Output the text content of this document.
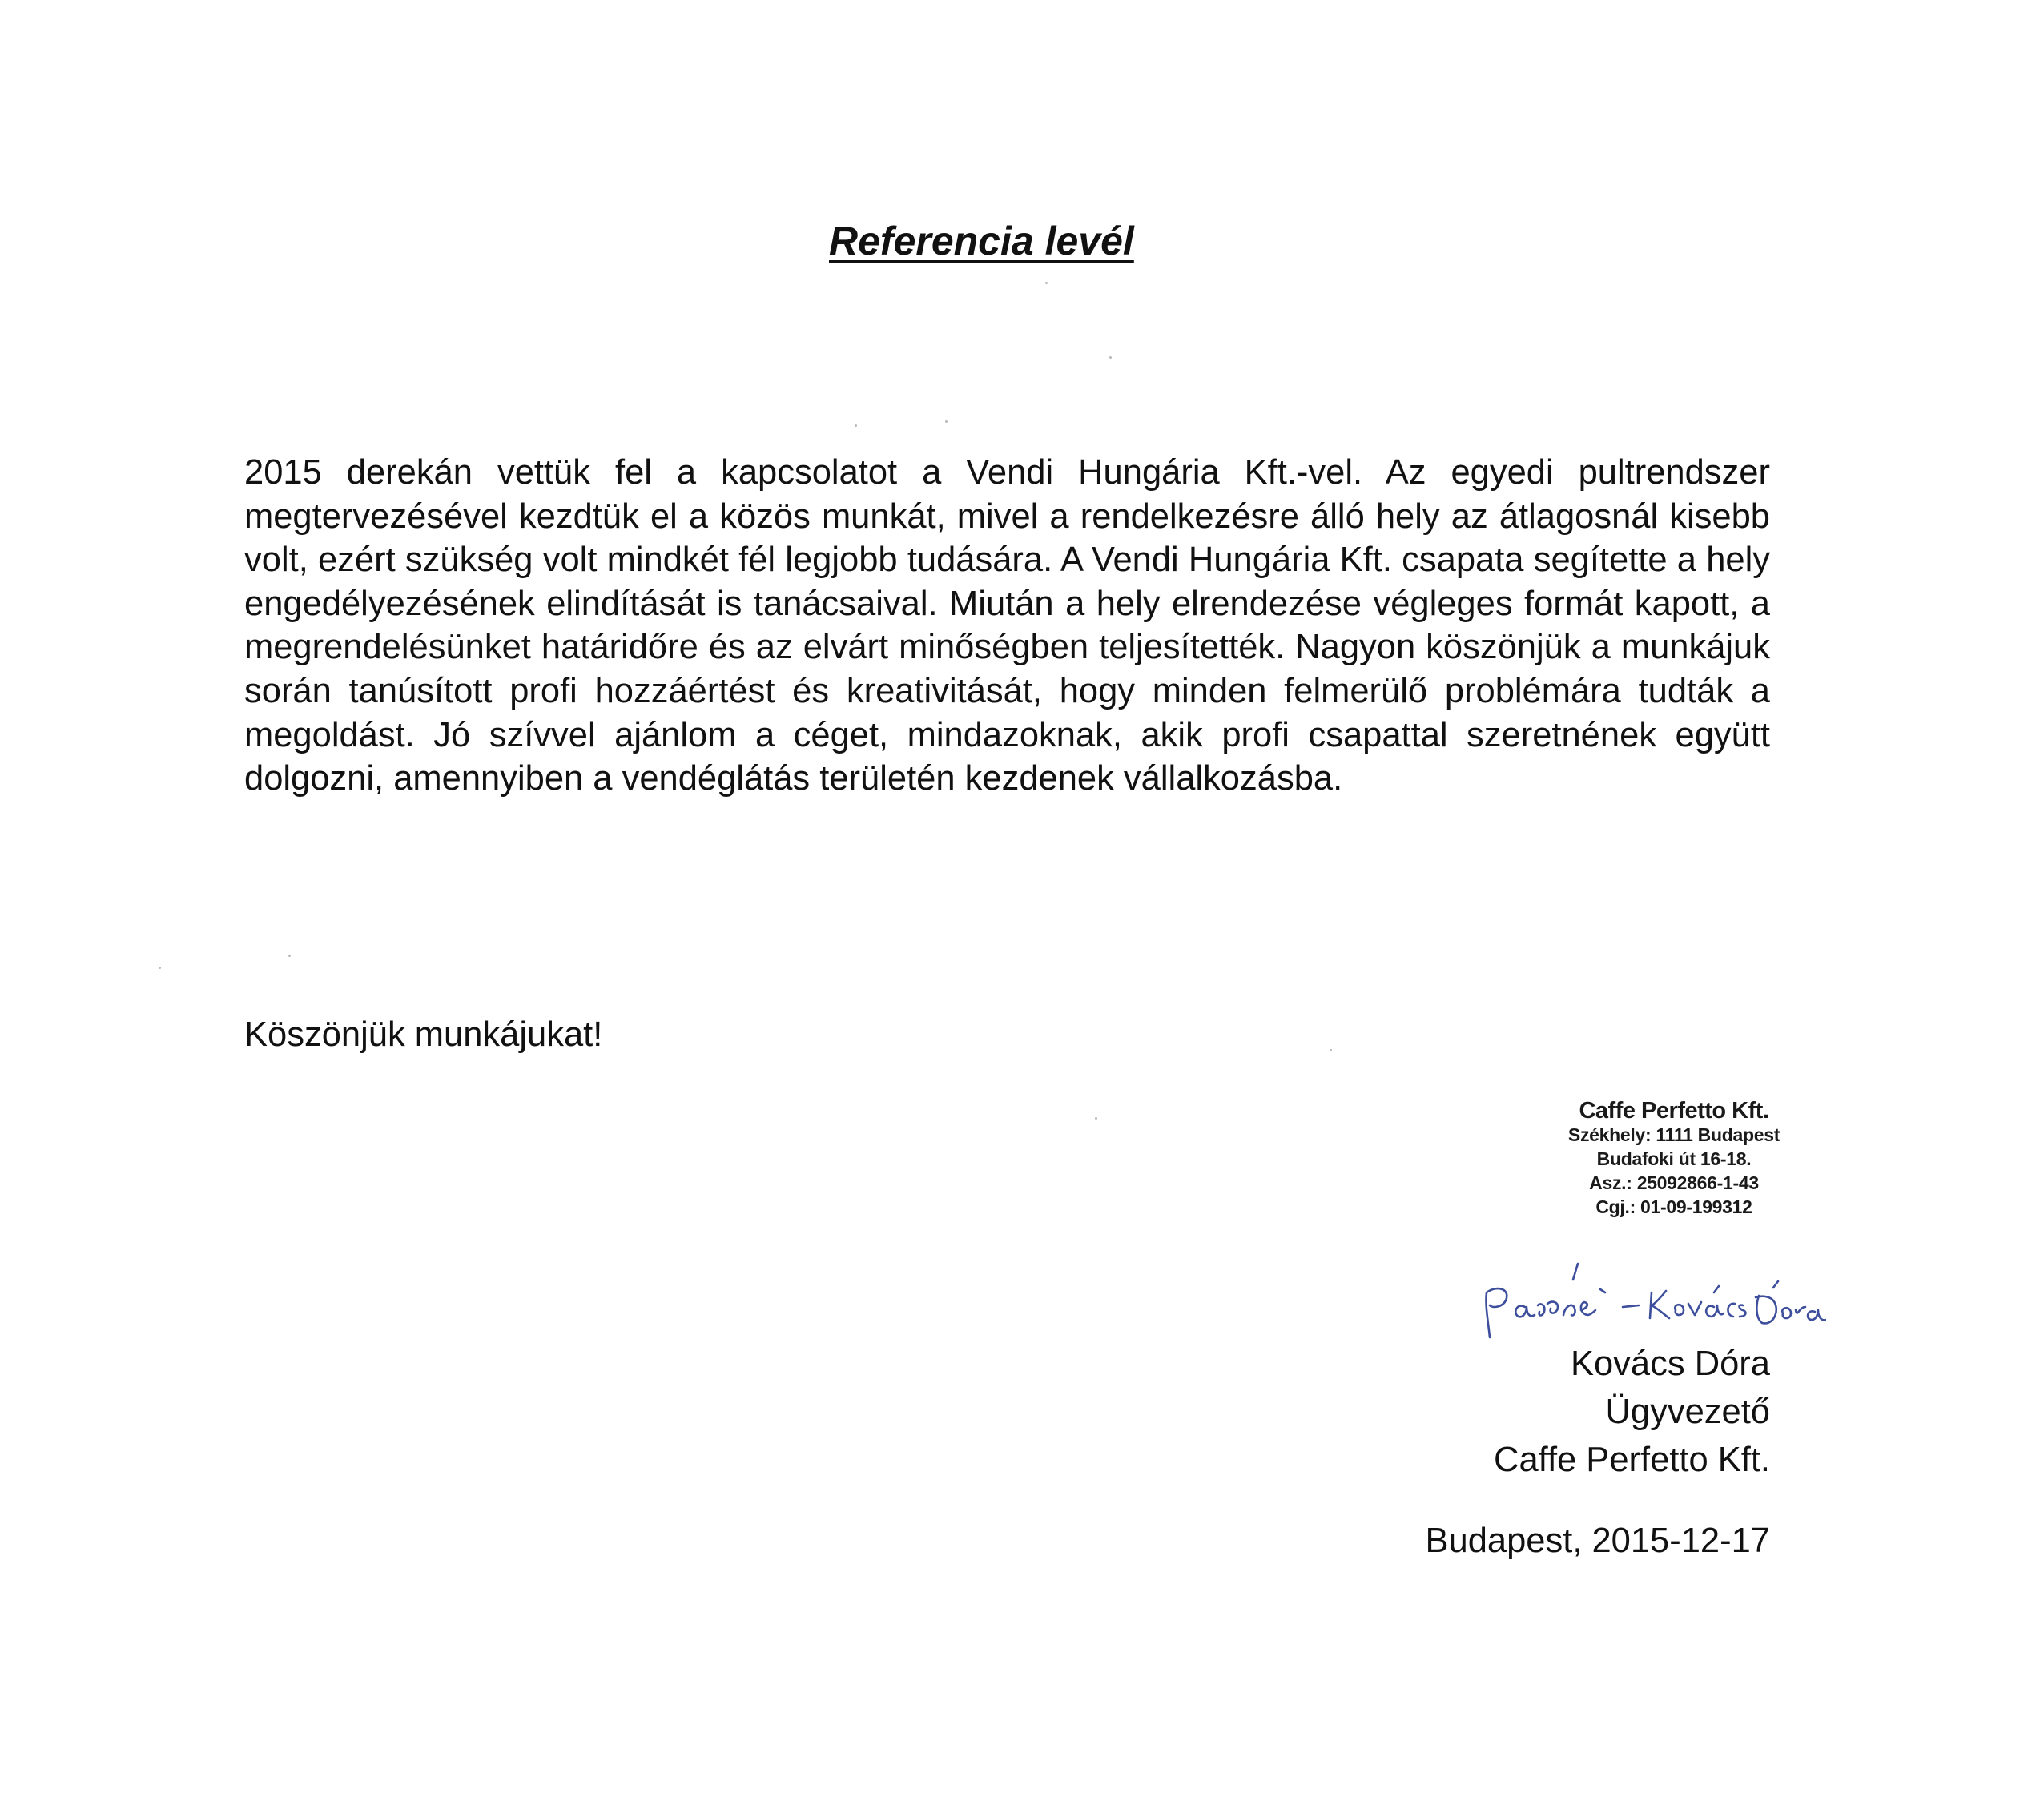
Referencia levél

2015 derekán vettük fel a kapcsolatot a Vendi Hungária Kft.-vel. Az egyedi pultrendszer megtervezésével kezdtük el a közös munkát, mivel a rendelkezésre álló hely az átlagosnál kisebb volt, ezért szükség volt mindkét fél legjobb tudására. A Vendi Hungária Kft. csapata segítette a hely engedélyezésének elindítását is tanácsaival. Miután a hely elrendezése végleges formát kapott, a megrendelésünket határidőre és az elvárt minőségben teljesítették. Nagyon köszönjük a munkájuk során tanúsított profi hozzáértést és kreativitását, hogy minden felmerülő problémára tudták a megoldást. Jó szívvel ajánlom a céget, mindazoknak, akik profi csapattal szeretnének együtt dolgozni, amennyiben a vendéglátás területén kezdenek vállalkozásba.

Köszönjük munkájukat!

Caffe Perfetto Kft.
Székhely: 1111 Budapest
Budafoki út 16-18.
Asz.: 25092866-1-43
Cgj.: 01-09-199312
Kovács Dóra
Ügyvezető
Caffe Perfetto Kft.

Budapest, 2015-12-17
